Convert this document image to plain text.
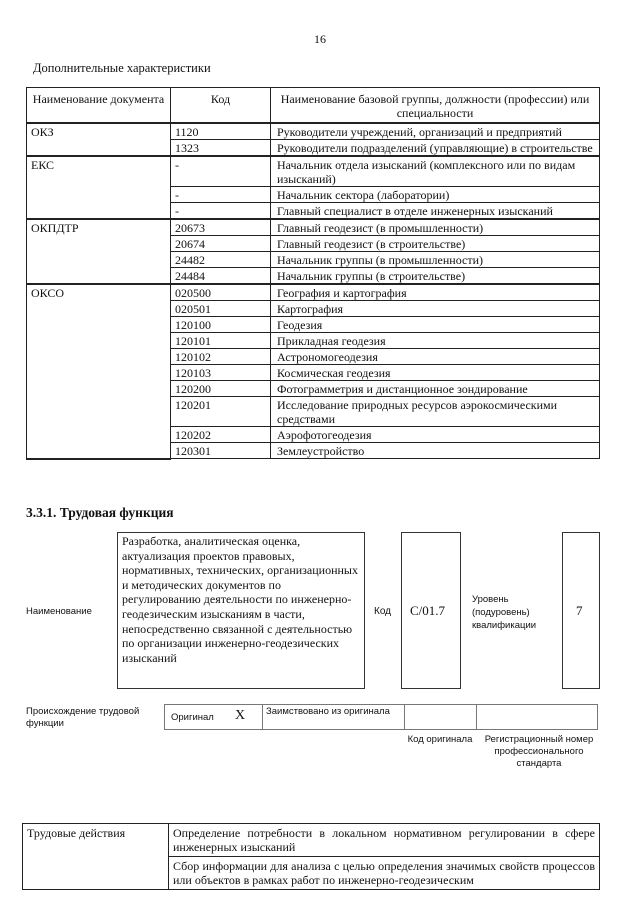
16
Дополнительные характеристики
Наименование документа	Код	Наименование базовой группы, должности (профессии) или специальности
ОКЗ	1120	Руководители учреждений, организаций и предприятий
	1323	Руководители подразделений (управляющие) в строительстве
ЕКС	-	Начальник отдела изысканий (комплексного или по видам изысканий)
	-	Начальник сектора (лаборатории)
	-	Главный специалист в отделе инженерных изысканий
ОКПДТР	20673	Главный геодезист (в промышленности)
	20674	Главный геодезист (в строительстве)
	24482	Начальник группы (в промышленности)
	24484	Начальник группы (в строительстве)
ОКСО	020500	География и картография
	020501	Картография
	120100	Геодезия
	120101	Прикладная геодезия
	120102	Астрономогеодезия
	120103	Космическая геодезия
	120200	Фотограмметрия и дистанционное зондирование
	120201	Исследование природных ресурсов аэрокосмическими средствами
	120202	Аэрофотогеодезия
	120301	Землеустройство
3.3.1. Трудовая функция
Наименование
Разработка, аналитическая оценка, актуализация проектов правовых, нормативных, технических, организационных и методических документов по регулированию деятельности по инженерно-геодезическим изысканиям в части, непосредственно связанной с деятельностью по организации инженерно-геодезических изысканий
Код	C/01.7
Уровень (подуровень) квалификации
7
Происхождение трудовой функции
Оригинал X Заимствовано из оригинала
Код оригинала	Регистрационный номер профессионального стандарта
Трудовые действия	Определение потребности в локальном нормативном регулировании в сфере инженерных изысканий
Сбор информации для анализа с целью определения значимых свойств процессов или объектов в рамках работ по инженерно-геодезическим
